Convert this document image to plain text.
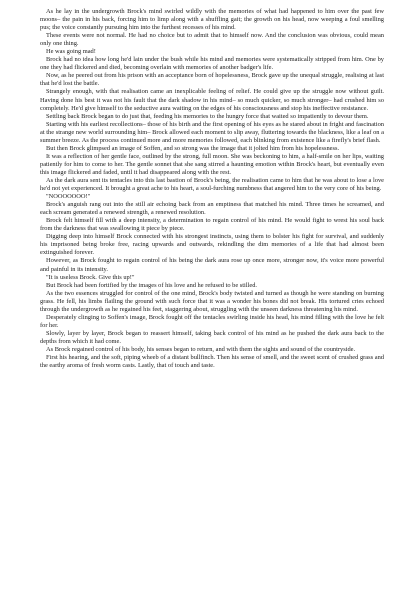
As he lay in the undergrowth Brock's mind swirled wildly with the memories of what had happened to him over the past few moons– the pain in his back, forcing him to limp along with a shuffling gait; the growth on his head, now weeping a foul smelling pus; the voice constantly pursuing him into the furthest recesses of his mind.

These events were not normal. He had no choice but to admit that to himself now. And the conclusion was obvious, could mean only one thing.

He was going mad!

Brock had no idea how long he'd lain under the bush while his mind and memories were systematically stripped from him. One by one they had flickered and died, becoming overlain with memories of another badger's life.

Now, as he peered out from his prison with an acceptance born of hopelessness, Brock gave up the unequal struggle, realising at last that he'd lost the battle.

Strangely enough, with that realisation came an inexplicable feeling of relief. He could give up the struggle now without guilt. Having done his best it was not his fault that the dark shadow in his mind– so much quicker, so much stronger– had crushed him so completely. He'd give himself to the seductive aura waiting on the edges of his consciousness and stop his ineffective resistance.

Settling back Brock began to do just that, feeding his memories to the hungry force that waited so impatiently to devour them.

Starting with his earliest recollections– those of his birth and the first opening of his eyes as he stared about in fright and fascination at the strange new world surrounding him– Brock allowed each moment to slip away, fluttering towards the blackness, like a leaf on a summer breeze. As the process continued more and more memories followed, each blinking from existence like a firefly's brief flash.

But then Brock glimpsed an image of Soffen, and so strong was the image that it jolted him from his hopelessness.

It was a reflection of her gentle face, outlined by the strong, full moon. She was beckoning to him, a half-smile on her lips, waiting patiently for him to come to her. The gentle sonnet that she sang stirred a haunting emotion within Brock's heart, but eventually even this image flickered and faded, until it had disappeared along with the rest.

As the dark aura sent its tentacles into this last bastion of Brock's being, the realisation came to him that he was about to lose a love he'd not yet experienced. It brought a great ache to his heart, a soul-furching numbness that angered him to the very core of his being.

"NOOOOOOO!"

Brock's anguish rang out into the still air echoing back from an emptiness that matched his mind. Three times he screamed, and each scream generated a renewed strength, a renewed resolution.

Brock felt himself fill with a deep intensity, a determination to regain control of his mind. He would fight to wrest his soul back from the darkness that was swallowing it piece by piece.

Digging deep into himself Brock connected with his strongest instincts, using them to bolster his fight for survival, and suddenly his imprisoned being broke free, racing upwards and outwards, rekindling the dim memories of a life that had almost been extinguished forever.

However, as Brock fought to regain control of his being the dark aura rose up once more, stronger now, it's voice more powerful and painful in its intensity.

"It is useless Brock. Give this up!"

But Brock had been fortified by the images of his love and he refused to be stilled.

As the two essences struggled for control of the one mind, Brock's body twisted and turned as though he were standing on burning grass. He fell, his limbs flailing the ground with such force that it was a wonder his bones did not break. His tortured cries echoed through the undergrowth as he regained his feet, staggering about, struggling with the unseen darkness threatening his mind.

Desperately clinging to Soffen's image, Brock fought off the tentacles swirling inside his head, his mind filling with the love he felt for her.

Slowly, layer by layer, Brock began to reassert himself, taking back control of his mind as he pushed the dark aura back to the depths from which it had come.

As Brock regained control of his body, his senses began to return, and with them the sights and sound of the countryside.

First his hearing, and the soft, piping wheeb of a distant bullfinch. Then his sense of smell, and the sweet scent of crushed grass and the earthy aroma of fresh worm casts. Lastly, that of touch and taste.
